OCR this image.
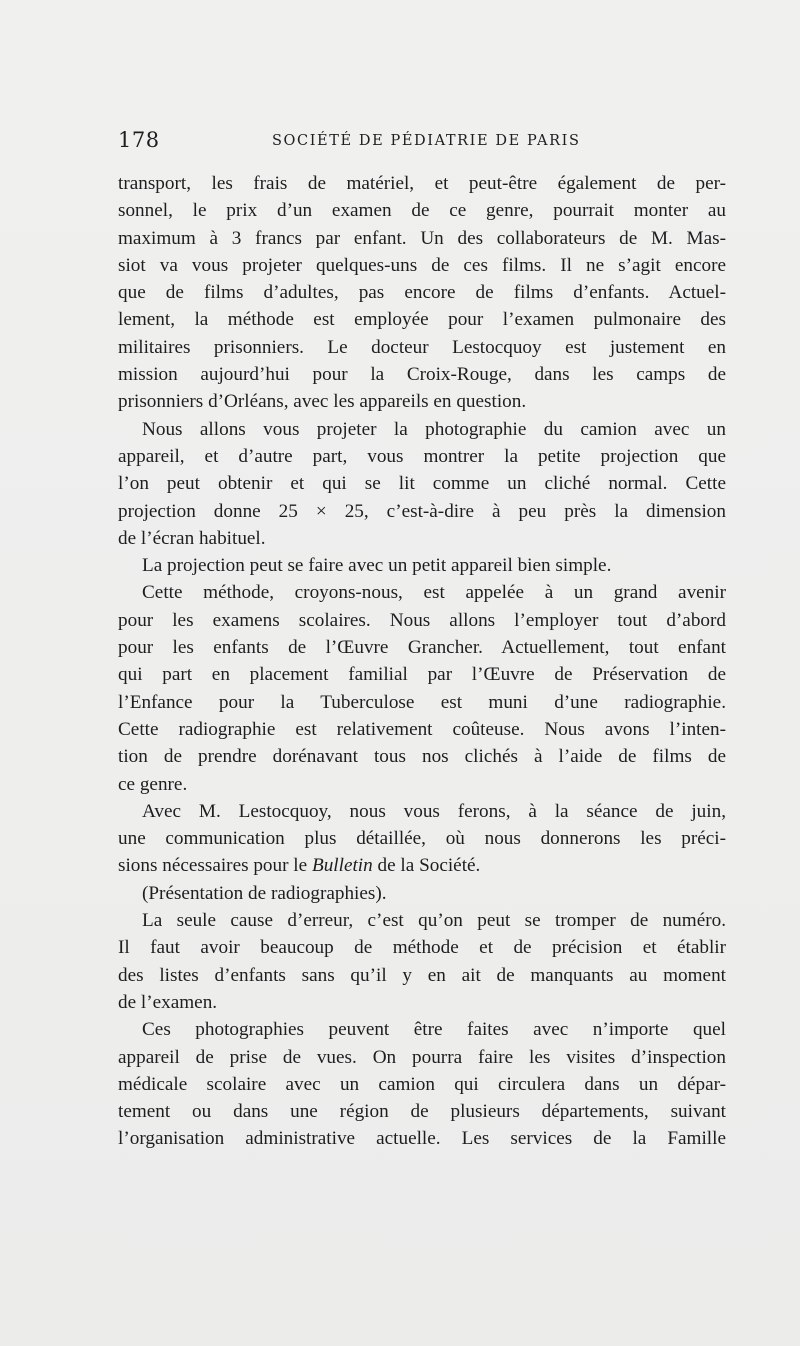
178	SOCIÉTÉ DE PÉDIATRIE DE PARIS
transport, les frais de matériel, et peut-être également de per-
sonnel, le prix d’un examen de ce genre, pourrait monter au
maximum à 3 francs par enfant. Un des collaborateurs de M. Mas-
siot va vous projeter quelques-uns de ces films. Il ne s’agit encore
que de films d’adultes, pas encore de films d’enfants. Actuel-
lement, la méthode est employée pour l’examen pulmonaire des
militaires prisonniers. Le docteur Lestocquoy est justement en
mission aujourd’hui pour la Croix-Rouge, dans les camps de
prisonniers d’Orléans, avec les appareils en question.
Nous allons vous projeter la photographie du camion avec un
appareil, et d’autre part, vous montrer la petite projection que
l’on peut obtenir et qui se lit comme un cliché normal. Cette
projection donne 25 × 25, c’est-à-dire à peu près la dimension
de l’écran habituel.
La projection peut se faire avec un petit appareil bien simple.
Cette méthode, croyons-nous, est appelée à un grand avenir
pour les examens scolaires. Nous allons l’employer tout d’abord
pour les enfants de l’Œuvre Grancher. Actuellement, tout enfant
qui part en placement familial par l’Œuvre de Préservation de
l’Enfance pour la Tuberculose est muni d’une radiographie.
Cette radiographie est relativement coûteuse. Nous avons l’inten-
tion de prendre dorénavant tous nos clichés à l’aide de films de
ce genre.
Avec M. Lestocquoy, nous vous ferons, à la séance de juin,
une communication plus détaillée, où nous donnerons les préci-
sions nécessaires pour le Bulletin de la Société.
(Présentation de radiographies).
La seule cause d’erreur, c’est qu’on peut se tromper de numéro.
Il faut avoir beaucoup de méthode et de précision et établir
des listes d’enfants sans qu’il y en ait de manquants au moment
de l’examen.
Ces photographies peuvent être faites avec n’importe quel
appareil de prise de vues. On pourra faire les visites d’inspection
médicale scolaire avec un camion qui circulera dans un dépar-
tement ou dans une région de plusieurs départements, suivant
l’organisation administrative actuelle. Les services de la Famille
